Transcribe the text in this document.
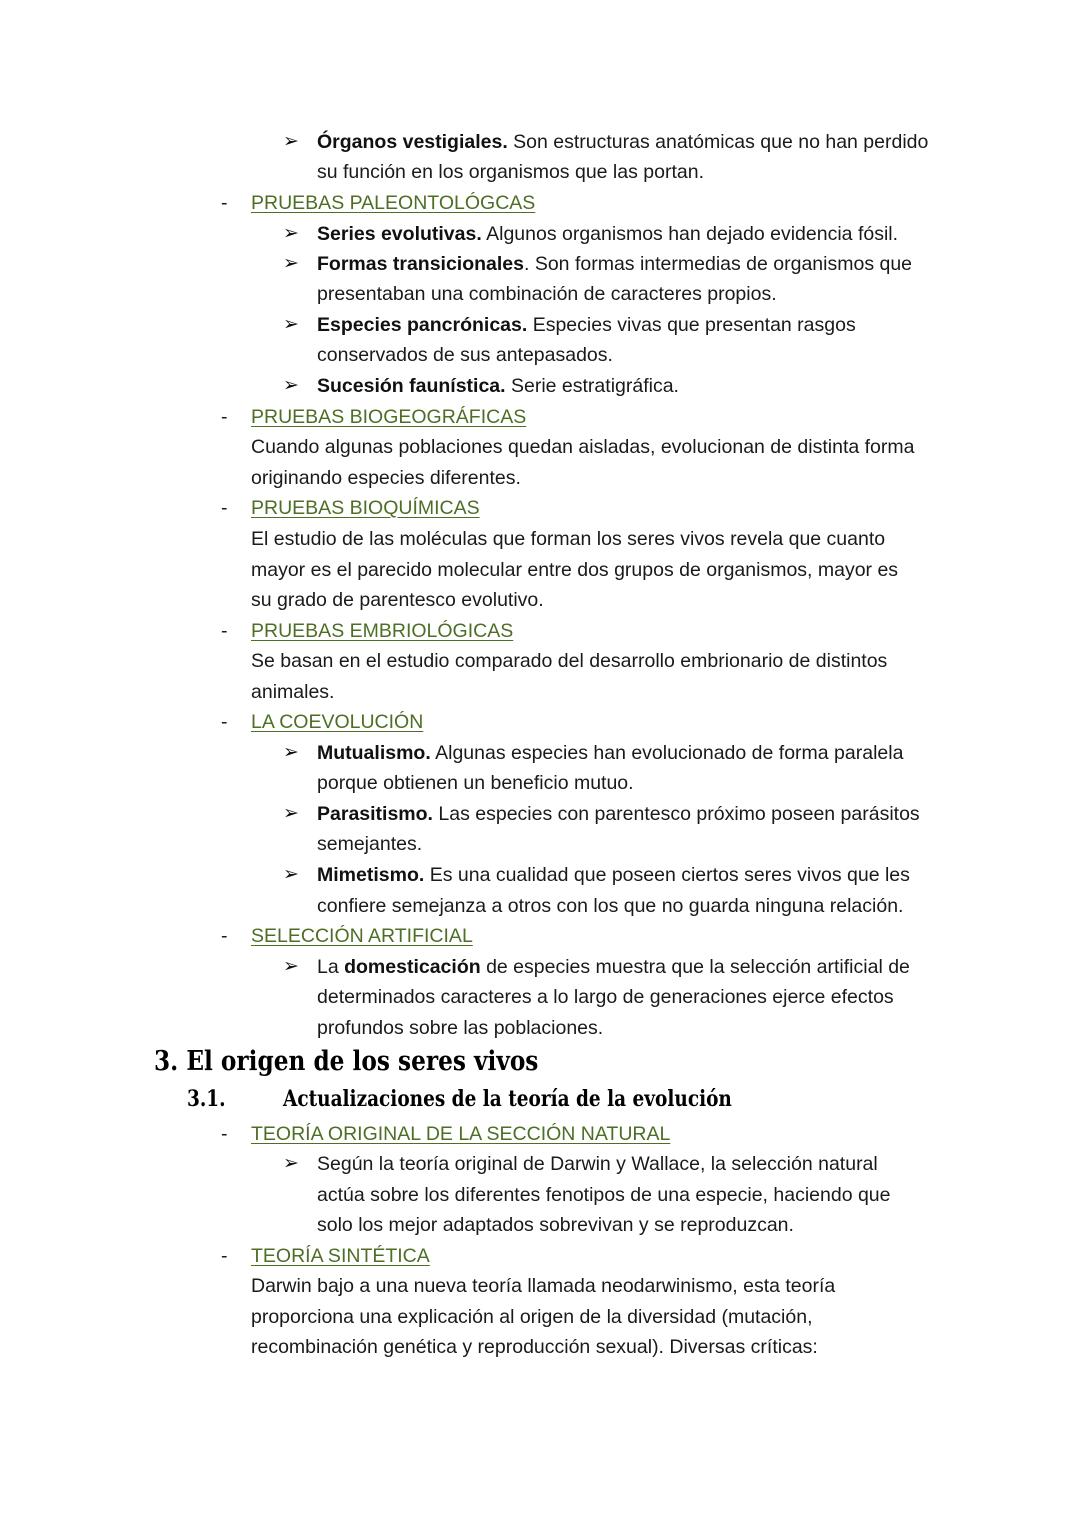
➢ Órganos vestigiales. Son estructuras anatómicas que no han perdido
su función en los organismos que las portan.
- PRUEBAS PALEONTOLÓGCAS
➢ Series evolutivas. Algunos organismos han dejado evidencia fósil.
➢ Formas transicionales. Son formas intermedias de organismos que
presentaban una combinación de caracteres propios.
➢ Especies pancrónicas. Especies vivas que presentan rasgos
conservados de sus antepasados.
➢ Sucesión faunística. Serie estratigráfica.
- PRUEBAS BIOGEOGRÁFICAS
Cuando algunas poblaciones quedan aisladas, evolucionan de distinta forma
originando especies diferentes.
- PRUEBAS BIOQUÍMICAS
El estudio de las moléculas que forman los seres vivos revela que cuanto
mayor es el parecido molecular entre dos grupos de organismos, mayor es
su grado de parentesco evolutivo.
- PRUEBAS EMBRIOLÓGICAS
Se basan en el estudio comparado del desarrollo embrionario de distintos
animales.
- LA COEVOLUCIÓN
➢ Mutualismo. Algunas especies han evolucionado de forma paralela
porque obtienen un beneficio mutuo.
➢ Parasitismo. Las especies con parentesco próximo poseen parásitos
semejantes.
➢ Mimetismo. Es una cualidad que poseen ciertos seres vivos que les
confiere semejanza a otros con los que no guarda ninguna relación.
- SELECCIÓN ARTIFICIAL
➢ La domesticación de especies muestra que la selección artificial de
determinados caracteres a lo largo de generaciones ejerce efectos
profundos sobre las poblaciones.
3. El origen de los seres vivos
3.1.	Actualizaciones de la teoría de la evolución
- TEORÍA ORIGINAL DE LA SECCIÓN NATURAL
➢ Según la teoría original de Darwin y Wallace, la selección natural
actúa sobre los diferentes fenotipos de una especie, haciendo que
solo los mejor adaptados sobrevivan y se reproduzcan.
- TEORÍA SINTÉTICA
Darwin bajo a una nueva teoría llamada neodarwinismo, esta teoría
proporciona una explicación al origen de la diversidad (mutación,
recombinación genética y reproducción sexual). Diversas críticas:
